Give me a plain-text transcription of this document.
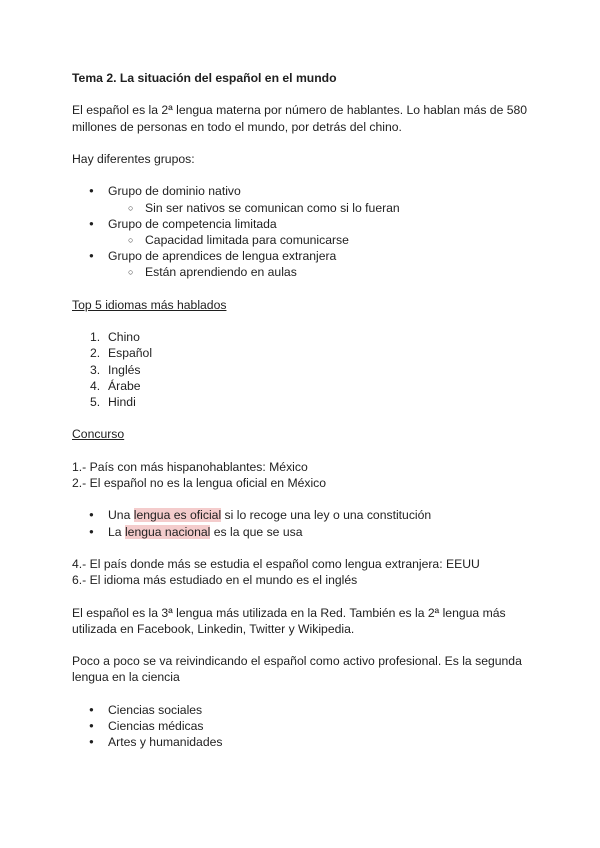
Tema 2. La situación del español en el mundo

El español es la 2ª lengua materna por número de hablantes. Lo hablan más de 580 millones de personas en todo el mundo, por detrás del chino.

Hay diferentes grupos:

● Grupo de dominio nativo
○ Sin ser nativos se comunican como si lo fueran
● Grupo de competencia limitada
○ Capacidad limitada para comunicarse
● Grupo de aprendices de lengua extranjera
○ Están aprendiendo en aulas

Top 5 idiomas más hablados

1. Chino
2. Español
3. Inglés
4. Árabe
5. Hindi

Concurso

1.- País con más hispanohablantes: México

2.- El español no es la lengua oficial en México

● Una lengua es oficial si lo recoge una ley o una constitución
● La lengua nacional es la que se usa

4.- El país donde más se estudia el español como lengua extranjera: EEUU

6.- El idioma más estudiado en el mundo es el inglés

El español es la 3ª lengua más utilizada en la Red. También es la 2ª lengua más utilizada en Facebook, Linkedin, Twitter y Wikipedia.

Poco a poco se va reivindicando el español como activo profesional. Es la segunda lengua en la ciencia

● Ciencias sociales
● Ciencias médicas
● Artes y humanidades
